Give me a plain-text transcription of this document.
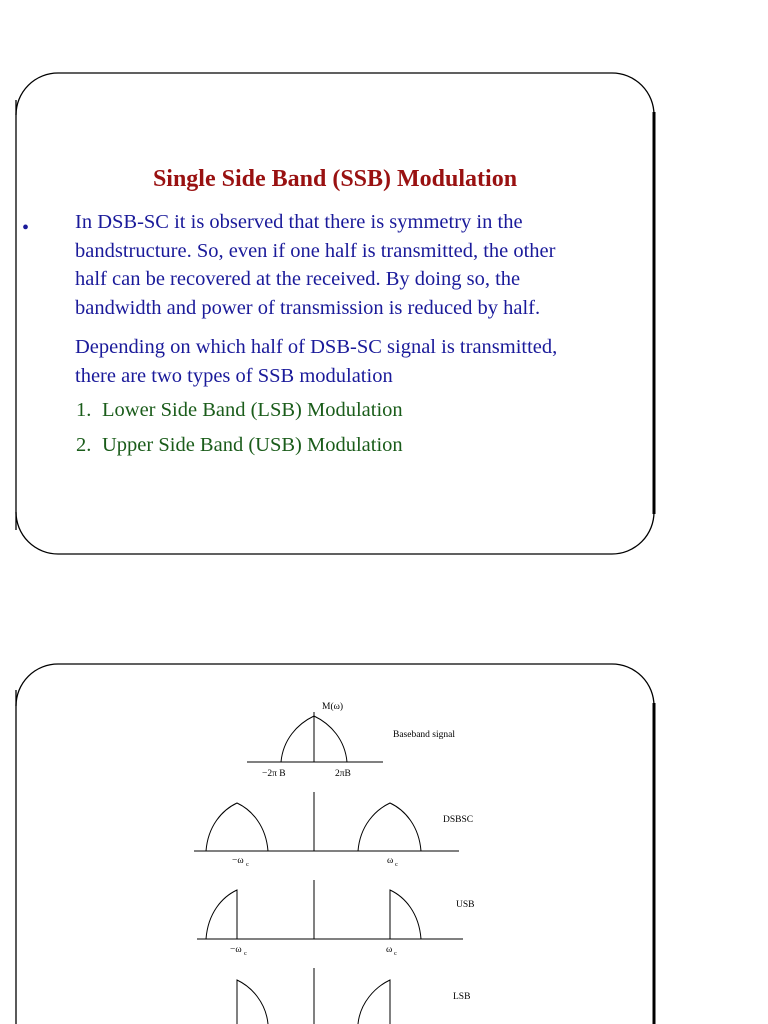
Single Side Band (SSB) Modulation
• In DSB-SC it is observed that there is symmetry in the
bandstructure. So, even if one half is transmitted, the other
half can be recovered at the received. By doing so, the
bandwidth and power of transmission is reduced by half.
Depending on which half of DSB-SC signal is transmitted,
there are two types of SSB modulation
1. Lower Side Band (LSB) Modulation
2. Upper Side Band (USB) Modulation
M(ω)
Baseband signal
−2π B	2πB
DSBSC
−ω c	ω c
USB
−ω c	ω c
LSB
